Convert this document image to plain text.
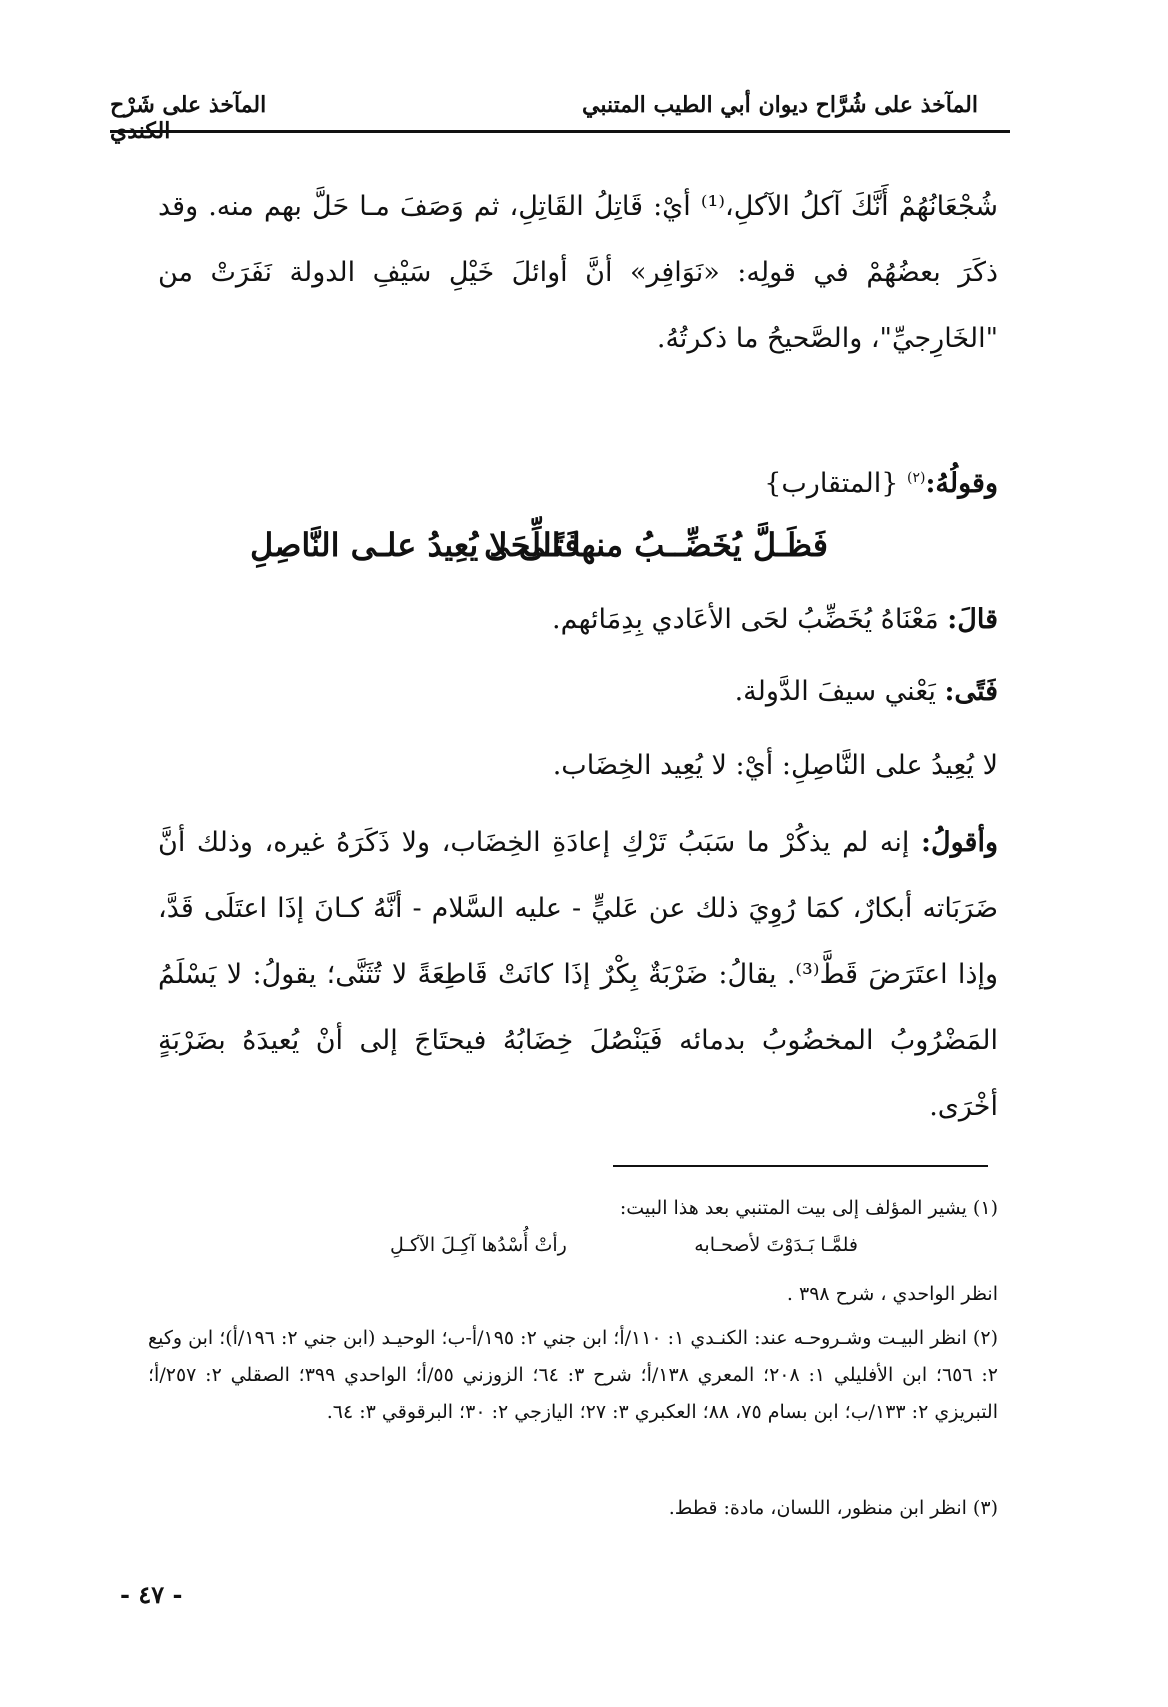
المآخذ على شَرْح الكندي
المآخذ على شُرَّاح ديوان أبي الطيب المتنبي
شُجْعَانُهُمْ أَنَّكَ آكلُ الآكلِ،⁽¹⁾ أيْ: قَاتِلُ القَاتِلِ، ثم وَصَفَ مـا حَلَّ بهم منه. وقد ذكَرَ بعضُهُمْ في قولِه: «نَوَافِر» أنَّ أوائلَ خَيْلِ سَيْفِ الدولة نَفَرَتْ من "الخَارِجيِّ"، والصَّحيحُ ما ذكرتُهُ.
وقولُهُ:$^{(٢)}$ {المتقارب}
فَظَـلَّ يُخَضِّــبُ منها اللِّحَى
فَتًـى لا يُعِيدُ علـى النَّاصِلِ
قالَ: مَعْنَاهُ يُخَضِّبُ لحَى الأعَادي بِدِمَائهم.
فَتًى: يَعْني سيفَ الدَّولة.
لا يُعِيدُ على النَّاصِلِ: أيْ: لا يُعِيد الخِضَاب.
وأقولُ: إنه لم يذكُرْ ما سَبَبُ تَرْكِ إعادَةِ الخِضَاب، ولا ذَكَرَهُ غيره، وذلك أنَّ ضَرَبَاته أبكارٌ، كمَا رُوِيَ ذلك عن عَليٍّ - عليه السَّلام - أنَّهُ كـانَ إذَا اعتَلَى قَدَّ، وإذا اعتَرَضَ قَطَّ⁽³⁾. يقالُ: ضَرْبَةٌ بِكْرٌ إذَا كانَتْ قَاطِعَةً لا تُثَنَّى؛ يقولُ: لا يَسْلَمُ المَضْرُوبُ المخضُوبُ بدمائه فَيَنْصُلَ خِضَابُهُ فيحتَاجَ إلى أنْ يُعيدَهُ بضَرْبَةٍ أخْرَى.
(١) يشير المؤلف إلى بيت المتنبي بعد هذا البيت:
فلمَّـا بَـدَوْتَ لأصحـابه
رأتْ أُسْدُها آكِـلَ الآكـلِ
انظر الواحدي ، شرح ٣٩٨ .
(٢) انظر البيـت وشـروحـه عند: الكنـدي ١: ١١٠/أ؛ ابن جني ٢: ١٩٥/أ-ب؛ الوحيـد (ابن جني ٢: ١٩٦/أ)؛ ابن وكيع ٢: ٦٥٦؛ ابن الأفليلي ١: ٢٠٨؛ المعري ١٣٨/أ؛ شرح ٣: ٦٤؛ الزوزني ٥٥/أ؛ الواحدي ٣٩٩؛ الصقلي ٢: ٢٥٧/أ؛ التبريزي ٢: ١٣٣/ب؛ ابن بسام ٧٥، ٨٨؛ العكبري ٣: ٢٧؛ اليازجي ٢: ٣٠؛ البرقوقي ٣: ٦٤.
(٣) انظر ابن منظور، اللسان، مادة: قطط.
- ٤٧ -
